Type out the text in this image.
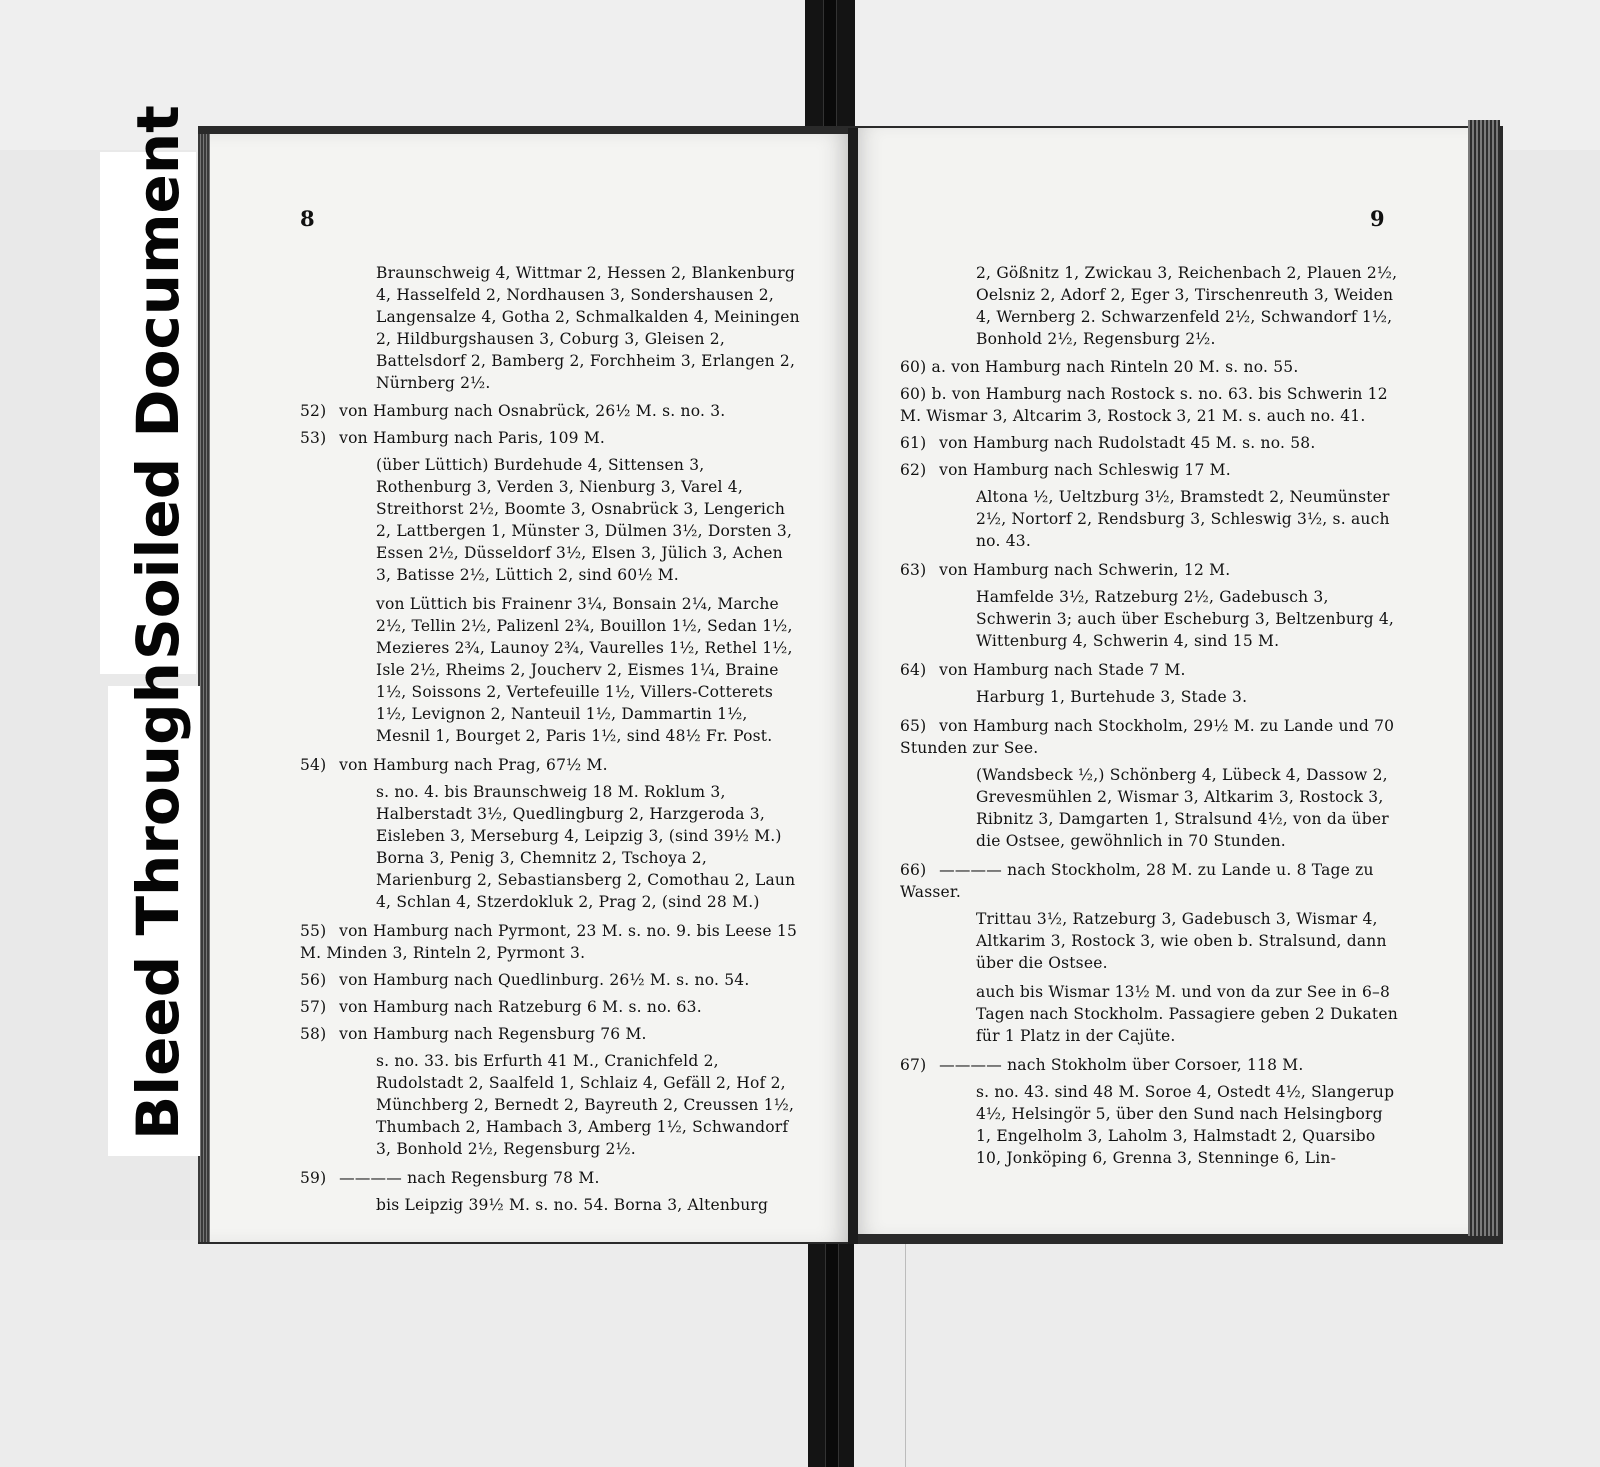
8	9
Braunschweig 4, Wittmar 2, Hessen 2, Blankenburg 4, Hasselfeld 2, Nordhausen 3, Sondershausen 2, Langensalze 4, Gotha 2, Schmalkalden 4, Meiningen 2, Hildburgshausen 3, Coburg 3, Gleisen 2, Battelsdorf 2, Bamberg 2, Forchheim 3, Erlangen 2, Nürnberg 2½.
52) von Hamburg nach Osnabrück, 26½ M. s. no. 3.
53) von Hamburg nach Paris, 109 M.
(über Lüttich) Burdehude 4, Sittensen 3, Rothenburg 3, Verden 3, Nienburg 3, Varel 4, Streithorst 2½, Boomte 3, Osnabrück 3, Lengerich 2, Lattbergen 1, Münster 3, Dülmen 3½, Dorsten 3, Essen 2½, Düsseldorf 3½, Elsen 3, Jülich 3, Achen 3, Batisse 2½, Lüttich 2, sind 60½ M.
von Lüttich bis Frainenr 3¼, Bonsain 2¼, Marche 2½, Tellin 2½, Palizenl 2¾, Bouillon 1½, Sedan 1½, Mezieres 2¾, Launoy 2¾, Vaurelles 1½, Rethel 1½, Isle 2½, Rheims 2, Joucherv 2, Eismes 1¼, Braine 1½, Soissons 2, Vertefeuille 1½, Villers-Cotterets 1½, Levignon 2, Nanteuil 1½, Dammartin 1½, Mesnil 1, Bourget 2, Paris 1½, sind 48½ Fr. Post.
54) von Hamburg nach Prag, 67½ M.
s. no. 4. bis Braunschweig 18 M. Roklum 3, Halberstadt 3½, Quedlingburg 2, Harzgeroda 3, Eisleben 3, Merseburg 4, Leipzig 3, (sind 39½ M.) Borna 3, Penig 3, Chemnitz 2, Tschoya 2, Marienburg 2, Sebastiansberg 2, Comothau 2, Laun 4, Schlan 4, Stzerdokluk 2, Prag 2, (sind 28 M.)
55) von Hamburg nach Pyrmont, 23 M. s. no. 9. bis Leese 15 M. Minden 3, Rinteln 2, Pyrmont 3.
56) von Hamburg nach Quedlinburg. 26½ M. s. no. 54.
57) von Hamburg nach Ratzeburg 6 M. s. no. 63.
58) von Hamburg nach Regensburg 76 M.
s. no. 33. bis Erfurth 41 M., Cranichfeld 2, Rudolstadt 2, Saalfeld 1, Schlaiz 4, Gefäll 2, Hof 2, Münchberg 2, Bernedt 2, Bayreuth 2, Creussen 1½, Thumbach 2, Hambach 3, Amberg 1½, Schwandorf 3, Bonhold 2½, Regensburg 2½.
59) ———— nach Regensburg 78 M.
bis Leipzig 39½ M. s. no. 54. Borna 3, Altenburg
2, Gößnitz 1, Zwickau 3, Reichenbach 2, Plauen 2½, Oelsniz 2, Adorf 2, Eger 3, Tirschenreuth 3, Weiden 4, Wernberg 2. Schwarzenfeld 2½, Schwandorf 1½, Bonhold 2½, Regensburg 2½.
60) a. von Hamburg nach Rinteln 20 M. s. no. 55.
60) b. von Hamburg nach Rostock s. no. 63. bis Schwerin 12 M. Wismar 3, Altcarim 3, Rostock 3, 21 M. s. auch no. 41.
61) von Hamburg nach Rudolstadt 45 M. s. no. 58.
62) von Hamburg nach Schleswig 17 M.
Altona ½, Ueltzburg 3½, Bramstedt 2, Neumünster 2½, Nortorf 2, Rendsburg 3, Schleswig 3½, s. auch no. 43.
63) von Hamburg nach Schwerin, 12 M.
Hamfelde 3½, Ratzeburg 2½, Gadebusch 3, Schwerin 3; auch über Escheburg 3, Beltzenburg 4, Wittenburg 4, Schwerin 4, sind 15 M.
64) von Hamburg nach Stade 7 M.
Harburg 1, Burtehude 3, Stade 3.
65) von Hamburg nach Stockholm, 29½ M. zu Lande und 70 Stunden zur See.
(Wandsbeck ½,) Schönberg 4, Lübeck 4, Dassow 2, Grevesmühlen 2, Wismar 3, Altkarim 3, Rostock 3, Ribnitz 3, Damgarten 1, Stralsund 4½, von da über die Ostsee, gewöhnlich in 70 Stunden.
66) ———— nach Stockholm, 28 M. zu Lande u. 8 Tage zu Wasser.
Trittau 3½, Ratzeburg 3, Gadebusch 3, Wismar 4, Altkarim 3, Rostock 3, wie oben b. Stralsund, dann über die Ostsee.
auch bis Wismar 13½ M. und von da zur See in 6–8 Tagen nach Stockholm. Passagiere geben 2 Dukaten für 1 Platz in der Cajüte.
67) ———— nach Stokholm über Corsoer, 118 M.
s. no. 43. sind 48 M. Soroe 4, Ostedt 4½, Slangerup 4½, Helsingör 5, über den Sund nach Helsingborg 1, Engelholm 3, Laholm 3, Halmstadt 2, Quarsibo 10, Jonköping 6, Grenna 3, Stenninge 6, Lin-
Soiled Document
Bleed Through
